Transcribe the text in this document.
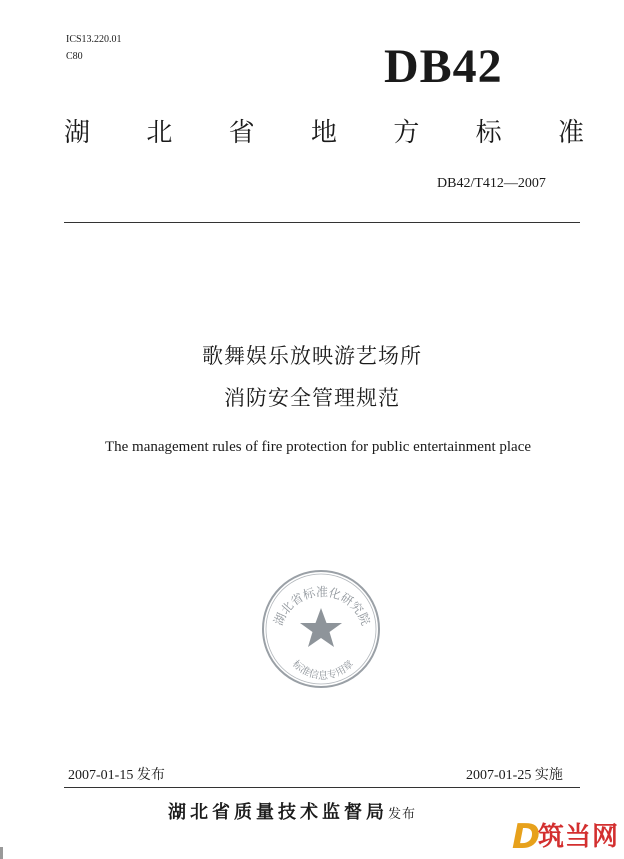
ICS13.220.01
C80	DB42
湖 北 省 地 方 标 准
DB42/T412—2007
歌舞娱乐放映游艺场所
消防安全管理规范
The management rules of fire protection for public entertainment place
湖北省标准化研究院
标准信息专用章
2007-01-15 发布	2007-01-25 实施
湖北省质量技术监督局发布
D
筑当网
